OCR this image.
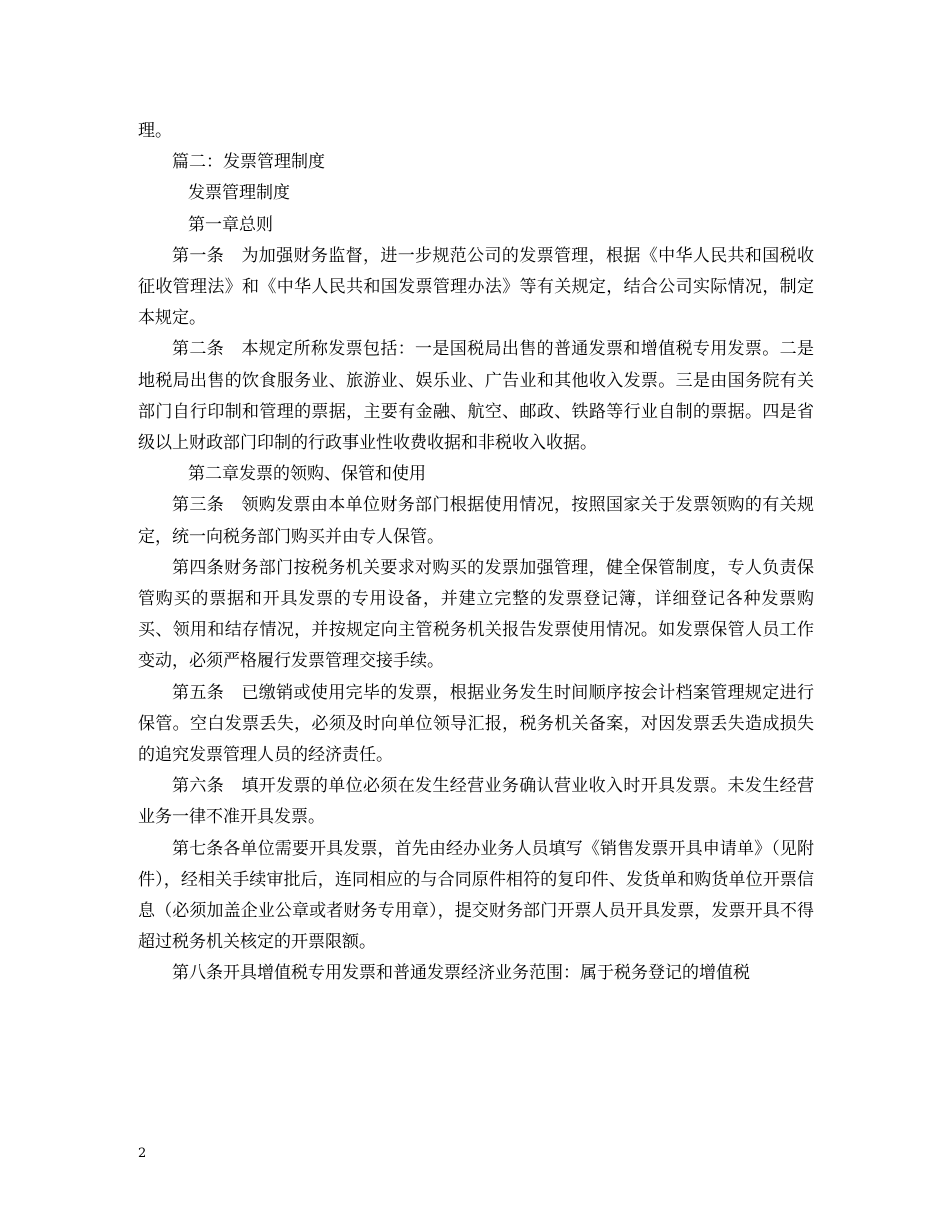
理。

篇二：发票管理制度

发票管理制度

第一章总则

第一条　为加强财务监督，进一步规范公司的发票管理，根据《中华人民共和国税收征收管理法》和《中华人民共和国发票管理办法》等有关规定，结合公司实际情况，制定本规定。

第二条　本规定所称发票包括：一是国税局出售的普通发票和增值税专用发票。二是地税局出售的饮食服务业、旅游业、娱乐业、广告业和其他收入发票。三是由国务院有关部门自行印制和管理的票据，主要有金融、航空、邮政、铁路等行业自制的票据。四是省级以上财政部门印制的行政事业性收费收据和非税收入收据。

第二章发票的领购、保管和使用

第三条　领购发票由本单位财务部门根据使用情况，按照国家关于发票领购的有关规定，统一向税务部门购买并由专人保管。

第四条财务部门按税务机关要求对购买的发票加强管理，健全保管制度，专人负责保管购买的票据和开具发票的专用设备，并建立完整的发票登记簿，详细登记各种发票购买、领用和结存情况，并按规定向主管税务机关报告发票使用情况。如发票保管人员工作变动，必须严格履行发票管理交接手续。

第五条　已缴销或使用完毕的发票，根据业务发生时间顺序按会计档案管理规定进行保管。空白发票丢失，必须及时向单位领导汇报，税务机关备案，对因发票丢失造成损失的追究发票管理人员的经济责任。

第六条　填开发票的单位必须在发生经营业务确认营业收入时开具发票。未发生经营业务一律不准开具发票。

第七条各单位需要开具发票，首先由经办业务人员填写《销售发票开具申请单》（见附件），经相关手续审批后，连同相应的与合同原件相符的复印件、发货单和购货单位开票信息（必须加盖企业公章或者财务专用章），提交财务部门开票人员开具发票，发票开具不得超过税务机关核定的开票限额。

第八条开具增值税专用发票和普通发票经济业务范围：属于税务登记的增值税

2
